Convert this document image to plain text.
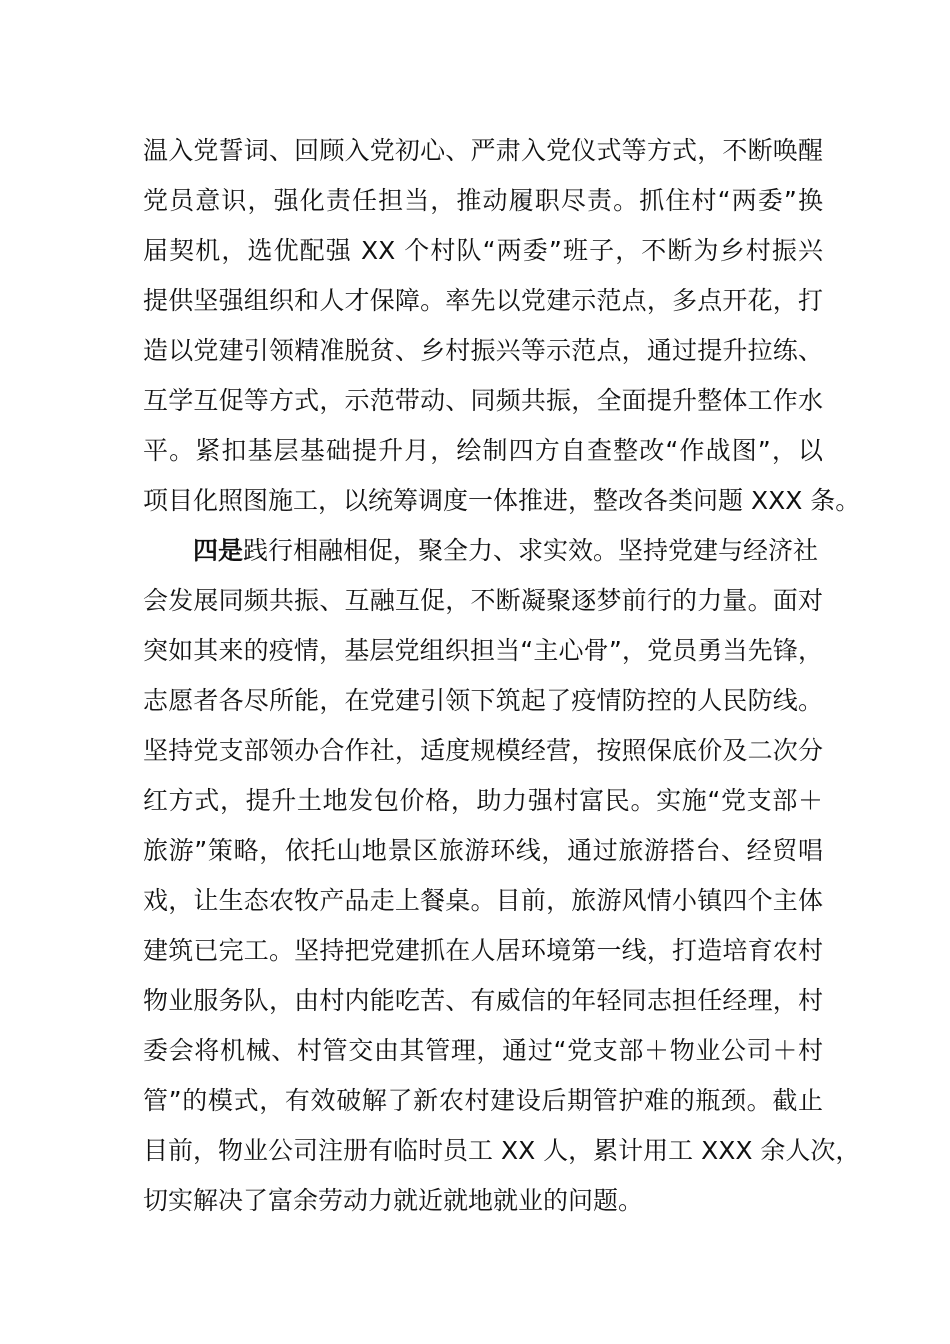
温入党誓词、回顾入党初心、严肃入党仪式等方式，不断唤醒
党员意识，强化责任担当，推动履职尽责。抓住村“两委”换
届契机，选优配强 XX 个村队“两委”班子，不断为乡村振兴
提供坚强组织和人才保障。率先以党建示范点，多点开花，打
造以党建引领精准脱贫、乡村振兴等示范点，通过提升拉练、
互学互促等方式，示范带动、同频共振，全面提升整体工作水
平。紧扣基层基础提升月，绘制四方自查整改“作战图”，以
项目化照图施工，以统筹调度一体推进，整改各类问题 XXX 条。
四是践行相融相促，聚全力、求实效。坚持党建与经济社
会发展同频共振、互融互促，不断凝聚逐梦前行的力量。面对
突如其来的疫情，基层党组织担当“主心骨”，党员勇当先锋，
志愿者各尽所能，在党建引领下筑起了疫情防控的人民防线。
坚持党支部领办合作社，适度规模经营，按照保底价及二次分
红方式，提升土地发包价格，助力强村富民。实施“党支部＋
旅游”策略，依托山地景区旅游环线，通过旅游搭台、经贸唱
戏，让生态农牧产品走上餐桌。目前，旅游风情小镇四个主体
建筑已完工。坚持把党建抓在人居环境第一线，打造培育农村
物业服务队，由村内能吃苦、有威信的年轻同志担任经理，村
委会将机械、村管交由其管理，通过“党支部＋物业公司＋村
管”的模式，有效破解了新农村建设后期管护难的瓶颈。截止
目前，物业公司注册有临时员工 XX 人，累计用工 XXX 余人次，
切实解决了富余劳动力就近就地就业的问题。
